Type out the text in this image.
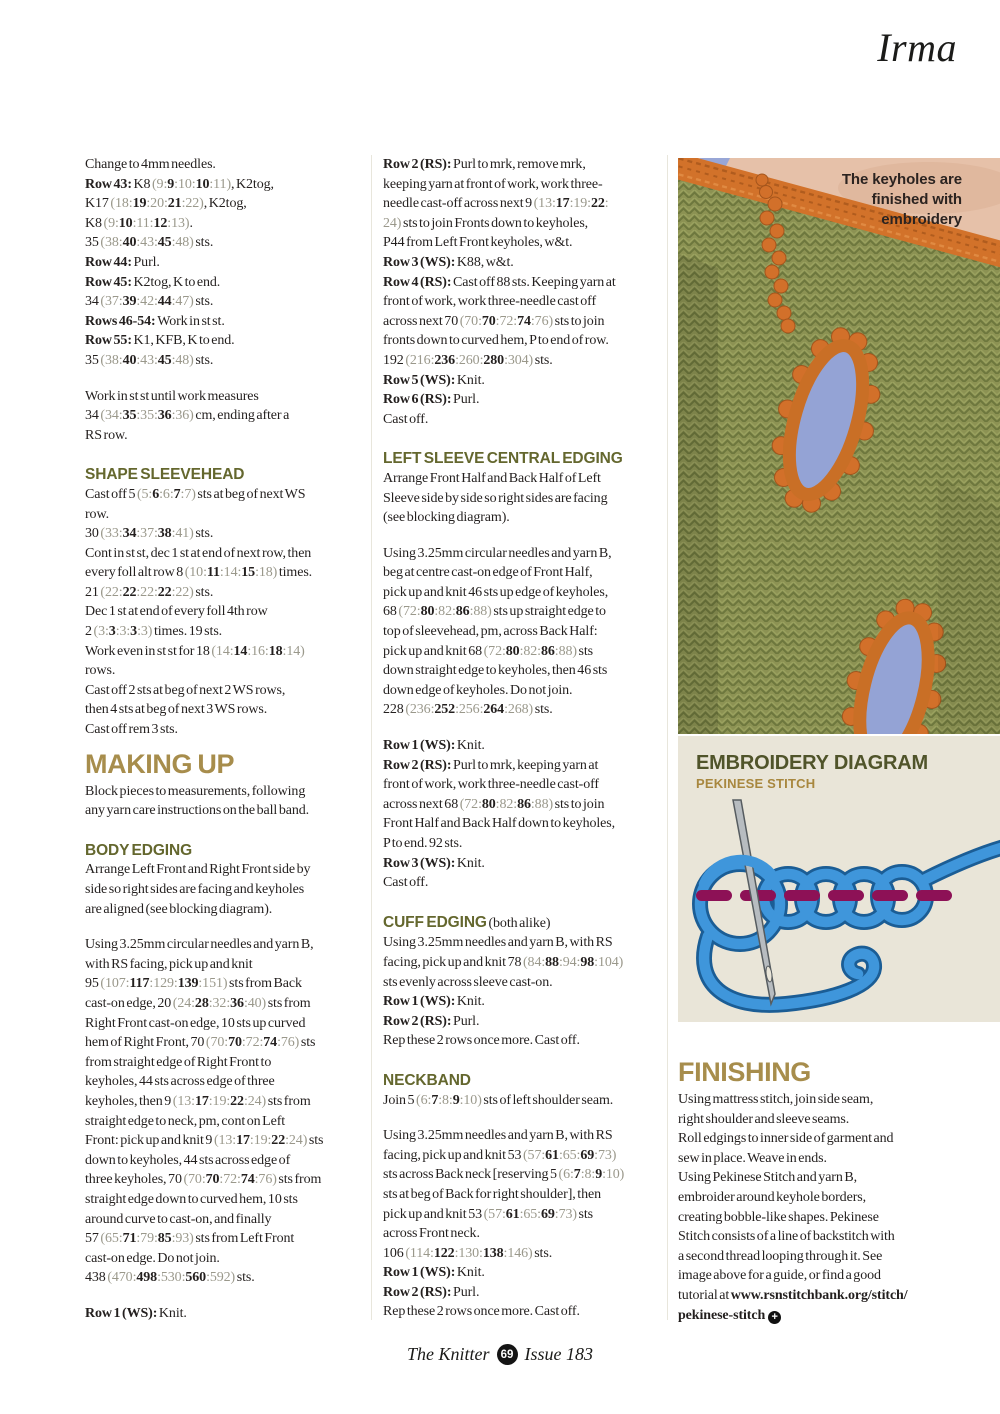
Irma
Change to 4mm needles.
Row 43: K8 (9:9:10:10:11), K2tog,
K17 (18:19:20:21:22), K2tog,
K8 (9:10:11:12:13).
35 (38:40:43:45:48) sts.
Row 44: Purl.
Row 45: K2tog, K to end.
34 (37:39:42:44:47) sts.
Rows 46-54: Work in st st.
Row 55: K1, KFB, K to end.
35 (38:40:43:45:48) sts.
Work in st st until work measures
34 (34:35:35:36:36) cm, ending after a
RS row.
SHAPE SLEEVEHEAD
Cast off 5 (5:6:6:7:7) sts at beg of next WS
row.
30 (33:34:37:38:41) sts.
Cont in st st, dec 1 st at end of next row, then
every foll alt row 8 (10:11:14:15:18) times.
21 (22:22:22:22:22) sts.
Dec 1 st at end of every foll 4th row
2 (3:3:3:3:3) times. 19 sts.
Work even in st st for 18 (14:14:16:18:14)
rows.
Cast off 2 sts at beg of next 2 WS rows,
then 4 sts at beg of next 3 WS rows.
Cast off rem 3 sts.
MAKING UP
Block pieces to measurements, following
any yarn care instructions on the ball band.
BODY EDGING
Arrange Left Front and Right Front side by
side so right sides are facing and keyholes
are aligned (see blocking diagram).
Using 3.25mm circular needles and yarn B,
with RS facing, pick up and knit
95 (107:117:129:139:151) sts from Back
cast-on edge, 20 (24:28:32:36:40) sts from
Right Front cast-on edge, 10 sts up curved
hem of Right Front, 70 (70:70:72:74:76) sts
from straight edge of Right Front to
keyholes, 44 sts across edge of three
keyholes, then 9 (13:17:19:22:24) sts from
straight edge to neck, pm, cont on Left
Front: pick up and knit 9 (13:17:19:22:24) sts
down to keyholes, 44 sts across edge of
three keyholes, 70 (70:70:72:74:76) sts from
straight edge down to curved hem, 10 sts
around curve to cast-on, and finally
57 (65:71:79:85:93) sts from Left Front
cast-on edge. Do not join.
438 (470:498:530:560:592) sts.
Row 1 (WS): Knit.
Row 2 (RS): Purl to mrk, remove mrk,
keeping yarn at front of work, work three-
needle cast-off across next 9 (13:17:19:22:
24) sts to join Fronts down to keyholes,
P44 from Left Front keyholes, w&t.
Row 3 (WS): K88, w&t.
Row 4 (RS): Cast off 88 sts. Keeping yarn at
front of work, work three-needle cast off
across next 70 (70:70:72:74:76) sts to join
fronts down to curved hem, P to end of row.
192 (216:236:260:280:304) sts.
Row 5 (WS): Knit.
Row 6 (RS): Purl.
Cast off.
LEFT SLEEVE CENTRAL EDGING
Arrange Front Half and Back Half of Left
Sleeve side by side so right sides are facing
(see blocking diagram).
Using 3.25mm circular needles and yarn B,
beg at centre cast-on edge of Front Half,
pick up and knit 46 sts up edge of keyholes,
68 (72:80:82:86:88) sts up straight edge to
top of sleevehead, pm, across Back Half:
pick up and knit 68 (72:80:82:86:88) sts
down straight edge to keyholes, then 46 sts
down edge of keyholes. Do not join.
228 (236:252:256:264:268) sts.
Row 1 (WS): Knit.
Row 2 (RS): Purl to mrk, keeping yarn at
front of work, work three-needle cast-off
across next 68 (72:80:82:86:88) sts to join
Front Half and Back Half down to keyholes,
P to end. 92 sts.
Row 3 (WS): Knit.
Cast off.
CUFF EDGING (both alike)
Using 3.25mm needles and yarn B, with RS
facing, pick up and knit 78 (84:88:94:98:104)
sts evenly across sleeve cast-on.
Row 1 (WS): Knit.
Row 2 (RS): Purl.
Rep these 2 rows once more. Cast off.
NECKBAND
Join 5 (6:7:8:9:10) sts of left shoulder seam.
Using 3.25mm needles and yarn B, with RS
facing, pick up and knit 53 (57:61:65:69:73)
sts across Back neck [reserving 5 (6:7:8:9:10)
sts at beg of Back for right shoulder], then
pick up and knit 53 (57:61:65:69:73) sts
across Front neck.
106 (114:122:130:138:146) sts.
Row 1 (WS): Knit.
Row 2 (RS): Purl.
Rep these 2 rows once more. Cast off.
FINISHING
Using mattress stitch, join side seam,
right shoulder and sleeve seams.
Roll edgings to inner side of garment and
sew in place. Weave in ends.
Using Pekinese Stitch and yarn B,
embroider around keyhole borders,
creating bobble-like shapes. Pekinese
Stitch consists of a line of backstitch with
a second thread looping through it. See
image above for a guide, or find a good
tutorial at www.rsnstitchbank.org/stitch/
pekinese-stitch +
The keyholes are
finished with
embroidery
EMBROIDERY DIAGRAM
PEKINESE STITCH
The Knitter 69 Issue 183
